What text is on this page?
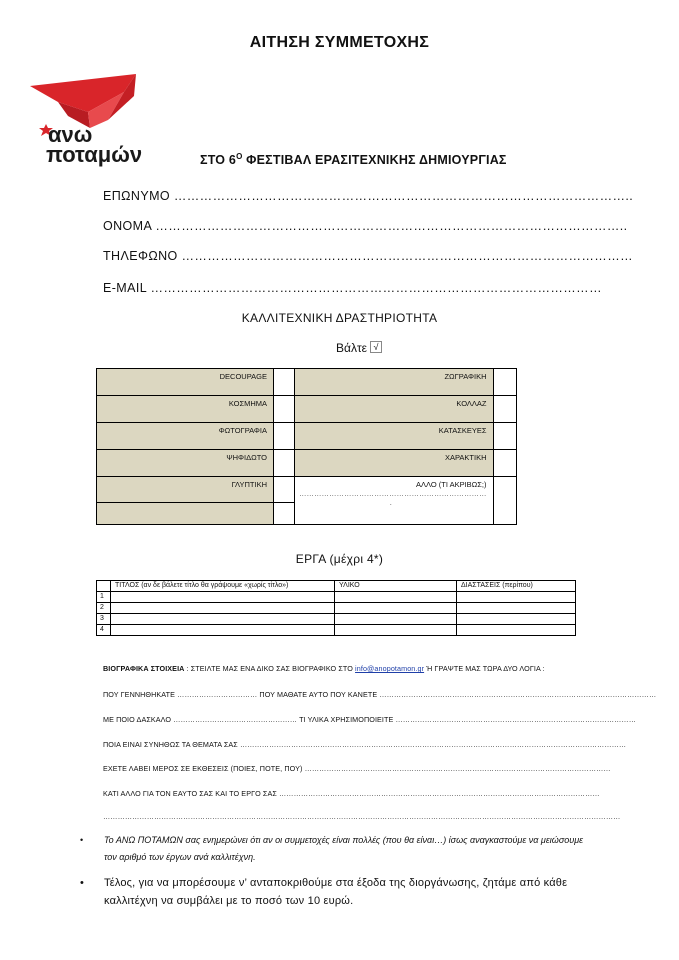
ΑΙΤΗΣΗ ΣΥΜΜΕΤΟΧΗΣ
ανω
ποταμών	ΣΤΟ $6^O$ ΦΕΣΤΙΒΑΛ ΕΡΑΣΙΤΕΧΝΙΚΗΣ ΔΗΜΙΟΥΡΓΙΑΣ
ΕΠΩΝΥΜΟ ……………………………………………………………………………………………..
ΟΝΟΜΑ ………………………………………………………………………………………………..
ΤΗΛΕΦΩΝΟ ……………………………………………………………………………………………
E-MAIL ……………………………………………………………………………………………
ΚΑΛΛΙΤΕΧΝΙΚΗ ΔΡΑΣΤΗΡΙΟΤΗΤΑ
Βάλτε √
DECOUPAGE		ΖΩΓΡΑΦΙΚΗ	
ΚΟΣΜΗΜΑ		ΚΟΛΛΑΖ	
ΦΩΤΟΓΡΑΦΙΑ		ΚΑΤΑΣΚΕΥΕΣ	
ΨΗΦΙΔΩΤΟ		ΧΑΡΑΚΤΙΚΗ	
ΓΛΥΠΤΙΚΗ		ΑΛΛΟ (ΤΙ ΑΚΡΙΒΩΣ;)
…………………………………………………………………
.	

ΕΡΓΑ (μέχρι 4*)
	ΤΙΤΛΟΣ (αν δε βάλετε τίτλο θα γράψουμε «χωρίς τίτλο»)	ΥΛΙΚΟ	ΔΙΑΣΤΑΣΕΙΣ (περίπου)
1			
2			
3			
4			
ΒΙΟΓΡΑΦΙΚΑ ΣΤΟΙΧΕΙΑ : ΣΤΕΙΛΤΕ ΜΑΣ ΕΝΑ ΔΙΚΟ ΣΑΣ ΒΙΟΓΡΑΦΙΚΟ ΣΤΟ info@anopotamon.gr Ή ΓΡΑΨΤΕ ΜΑΣ ΤΩΡΑ ΔΥΟ ΛΟΓΙΑ :
ΠΟΥ ΓΕΝΝΗΘΗΚΑΤΕ …………………………… ΠΟΥ ΜΑΘΑΤΕ ΑΥΤΟ ΠΟΥ ΚΑΝΕΤΕ ……………………………………………………………………………………………………
ΜΕ ΠΟΙΟ ΔΑΣΚΑΛΟ …………………………………………… ΤΙ ΥΛΙΚΑ ΧΡΗΣΙΜΟΠΟΙΕΙΤΕ ………………………………………………………………………………………
ΠΟΙΑ ΕΙΝΑΙ ΣΥΝΗΘΩΣ ΤΑ ΘΕΜΑΤΑ ΣΑΣ ……………………………………………………………………………………………………………………………………………
ΕΧΕΤΕ ΛΑΒΕΙ ΜΕΡΟΣ ΣΕ ΕΚΘΕΣΕΙΣ (ΠΟΙΕΣ, ΠΟΤΕ, ΠΟΥ) ………………………………………………………………………………………………………………
ΚΑΤΙ ΑΛΛΟ ΓΙΑ ΤΟΝ ΕΑΥΤΟ ΣΑΣ ΚΑΙ ΤΟ ΕΡΓΟ ΣΑΣ ……………………………………………………………………………………………………………………
……………………………………………………………………………………………………………………………………………………………………………………………
• Το ΑΝΩ ΠΟΤΑΜΩΝ σας ενημερώνει ότι αν οι συμμετοχές είναι πολλές (που θα είναι…) ίσως αναγκαστούμε να μειώσουμε
τον αριθμό των έργων ανά καλλιτέχνη.
• Τέλος, για να μπορέσουμε ν’ ανταποκριθούμε στα έξοδα της διοργάνωσης, ζητάμε από κάθε
καλλιτέχνη να συμβάλει με το ποσό των 10 ευρώ.
